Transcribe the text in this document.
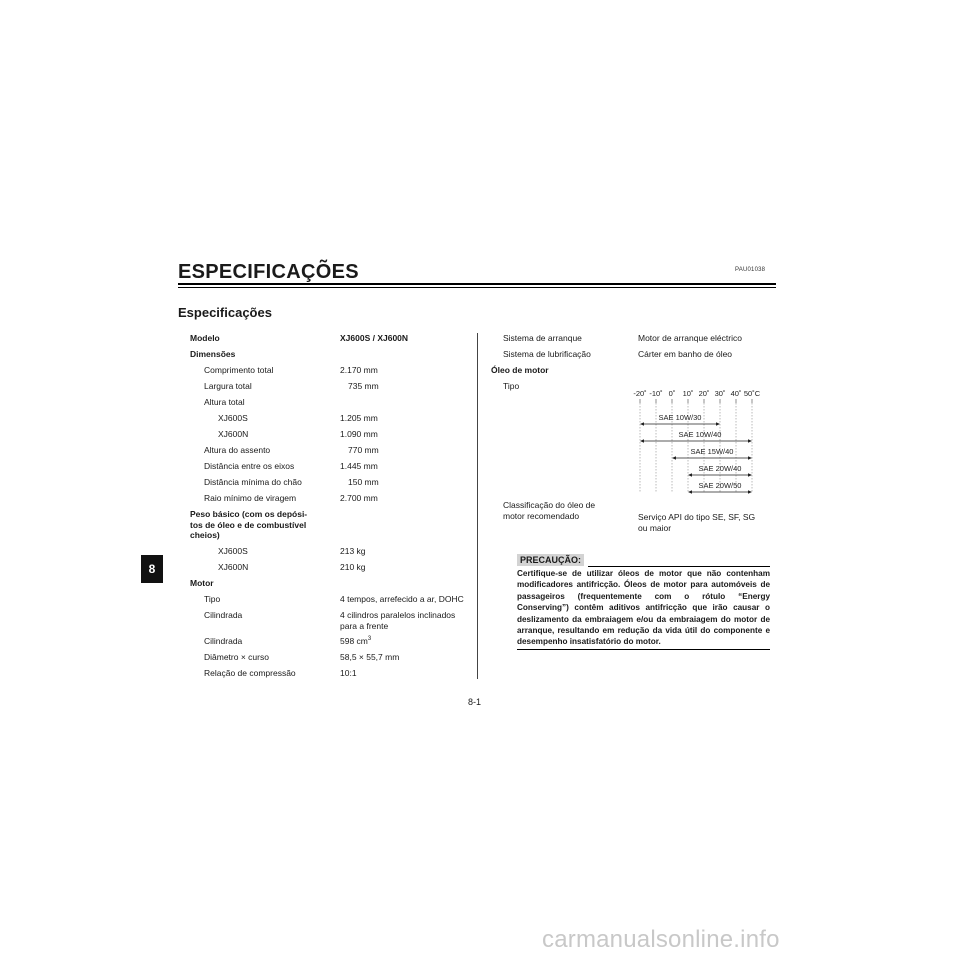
PAU01038
ESPECIFICAÇÕES
Especificações
8
Modelo	XJ600S / XJ600N
Dimensões
Comprimento total	2.170 mm
Largura total	735 mm
Altura total
XJ600S	1.205 mm
XJ600N	1.090 mm
Altura do assento	770 mm
Distância entre os eixos	1.445 mm
Distância mínima do chão	150 mm
Raio mínimo de viragem	2.700 mm
Peso básico (com os depósi-
tos de óleo e de combustível
cheios)
XJ600S	213 kg
XJ600N	210 kg
Motor
Tipo	4 tempos, arrefecido a ar, DOHC
Cilindrada	4 cilindros paralelos inclinados
para a frente
Cilindrada	598 $cm^3$
Diâmetro × curso	58,5 × 55,7 mm
Relação de compressão	10:1
Sistema de arranque	Motor de arranque eléctrico
Sistema de lubrificação	Cárter em banho de óleo
Óleo de motor
Tipo
Classificação do óleo de
motor recomendado	Serviço API do tipo SE, SF, SG
ou maior
-20˚ -10˚ 0˚ 10˚ 20˚ 30˚ 40˚ 50˚C
SAE 10W/30
SAE 10W/40
SAE 15W/40
SAE 20W/40
SAE 20W/50
PRECAUÇÃO:
Certifique-se de utilizar óleos de motor que não contenham modificadores antifricção. Óleos de motor para automóveis de passageiros (frequentemente com o rótulo “Energy Conserving”) contêm aditivos antifricção que irão causar o deslizamento da embraiagem e/ou da embraiagem do motor de arranque, resultando em redução da vida útil do componente e desempenho insatisfatório do motor.
8-1
carmanualsonline.info
